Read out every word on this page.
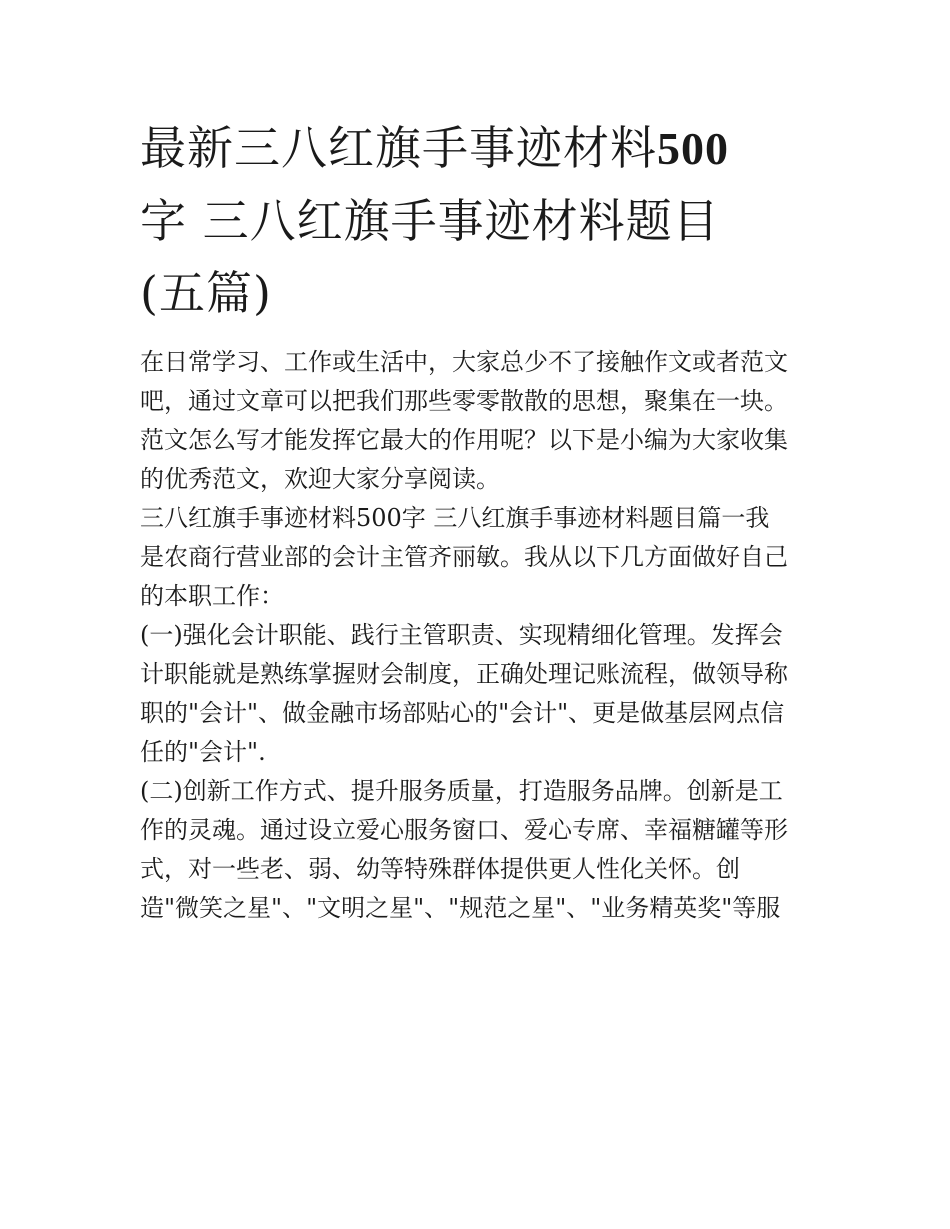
最新三八红旗手事迹材料500
字 三八红旗手事迹材料题目
(五篇)
在日常学习、工作或生活中，大家总少不了接触作文或者范文
吧，通过文章可以把我们那些零零散散的思想，聚集在一块。
范文怎么写才能发挥它最大的作用呢？以下是小编为大家收集
的优秀范文，欢迎大家分享阅读。
三八红旗手事迹材料500字 三八红旗手事迹材料题目篇一我
是农商行营业部的会计主管齐丽敏。我从以下几方面做好自己
的本职工作：
(一)强化会计职能、践行主管职责、实现精细化管理。发挥会
计职能就是熟练掌握财会制度，正确处理记账流程，做领导称
职的"会计"、做金融市场部贴心的"会计"、更是做基层网点信
任的"会计".
(二)创新工作方式、提升服务质量，打造服务品牌。创新是工
作的灵魂。通过设立爱心服务窗口、爱心专席、幸福糖罐等形
式，对一些老、弱、幼等特殊群体提供更人性化关怀。创
造"微笑之星"、"文明之星"、"规范之星"、"业务精英奖"等服
